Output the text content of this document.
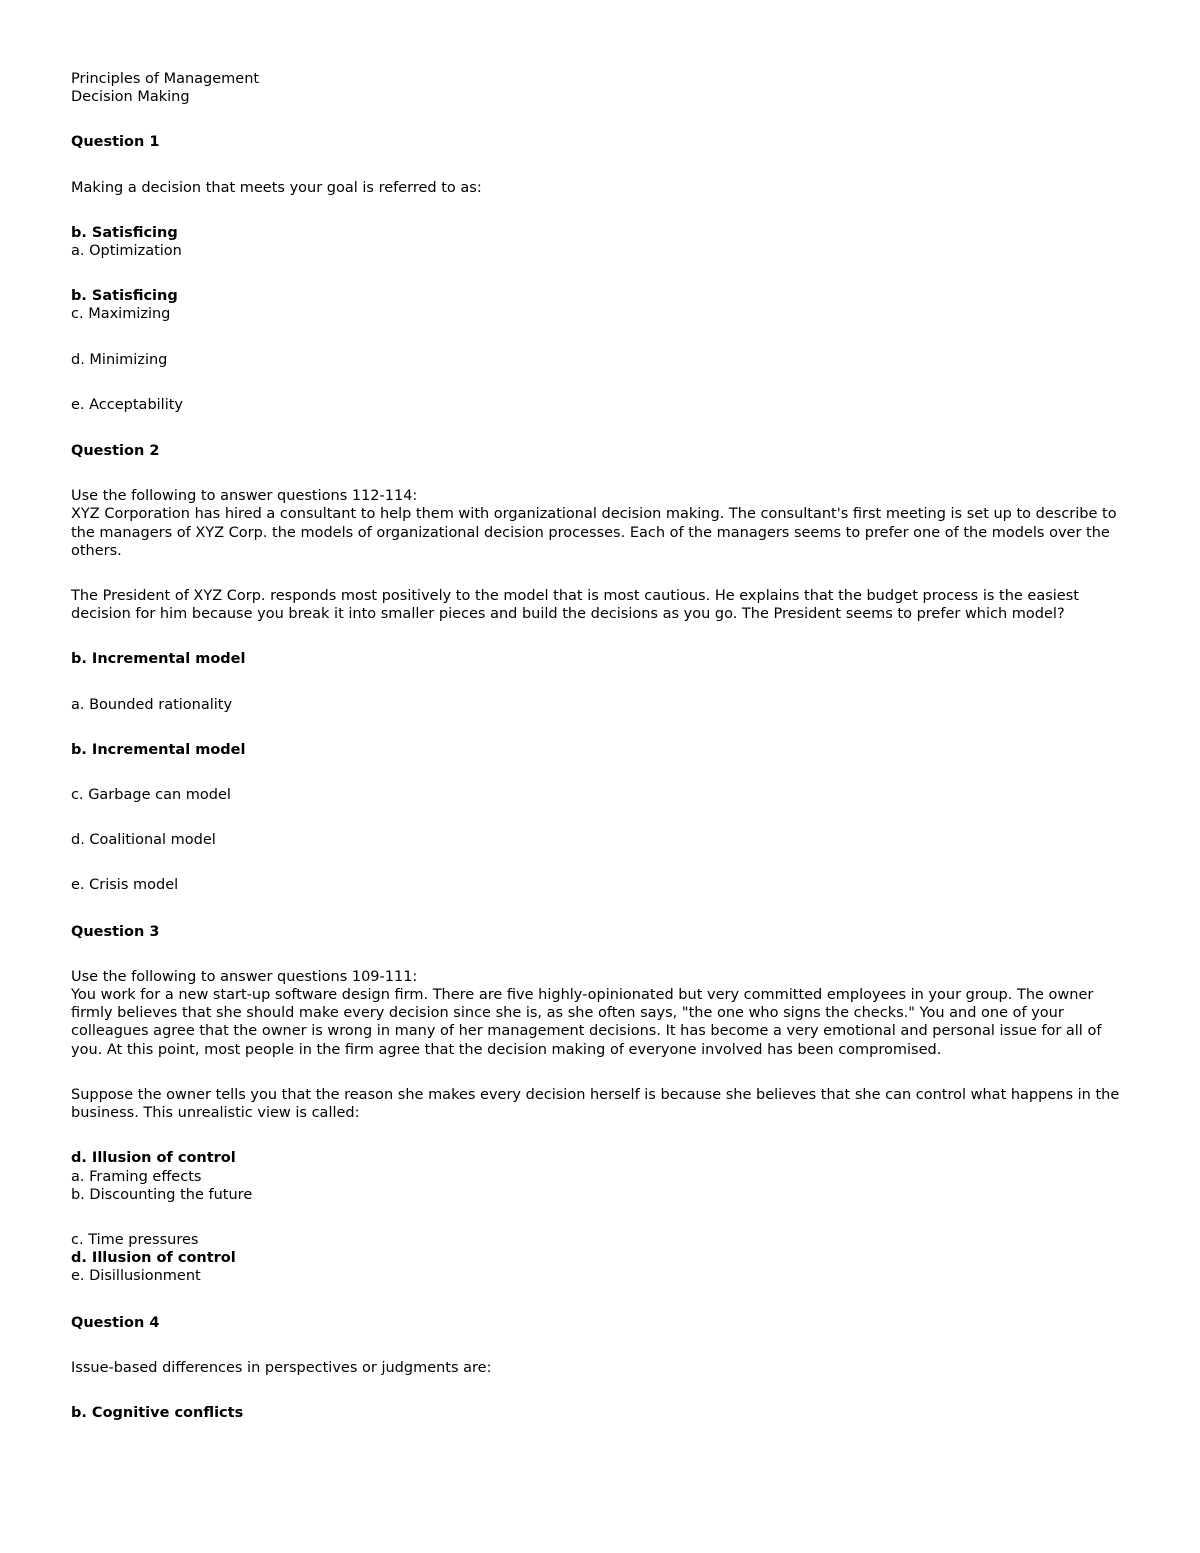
Principles of Management
Decision Making
Question 1
Making a decision that meets your goal is referred to as:
b. Satisficing
a. Optimization
b. Satisficing
c. Maximizing
d. Minimizing
e. Acceptability
Question 2
Use the following to answer questions 112-114:
XYZ Corporation has hired a consultant to help them with organizational decision making. The consultant's first meeting is set up to describe to the managers of XYZ Corp. the models of organizational decision processes. Each of the managers seems to prefer one of the models over the others.
The President of XYZ Corp. responds most positively to the model that is most cautious. He explains that the budget process is the easiest decision for him because you break it into smaller pieces and build the decisions as you go. The President seems to prefer which model?
b. Incremental model
a. Bounded rationality
b. Incremental model
c. Garbage can model
d. Coalitional model
e. Crisis model
Question 3
Use the following to answer questions 109-111:
You work for a new start-up software design firm. There are five highly-opinionated but very committed employees in your group. The owner firmly believes that she should make every decision since she is, as she often says, "the one who signs the checks." You and one of your colleagues agree that the owner is wrong in many of her management decisions. It has become a very emotional and personal issue for all of you. At this point, most people in the firm agree that the decision making of everyone involved has been compromised.
Suppose the owner tells you that the reason she makes every decision herself is because she believes that she can control what happens in the business. This unrealistic view is called:
d. Illusion of control
a. Framing effects
b. Discounting the future
c. Time pressures
d. Illusion of control
e. Disillusionment
Question 4
Issue-based differences in perspectives or judgments are:
b. Cognitive conflicts
